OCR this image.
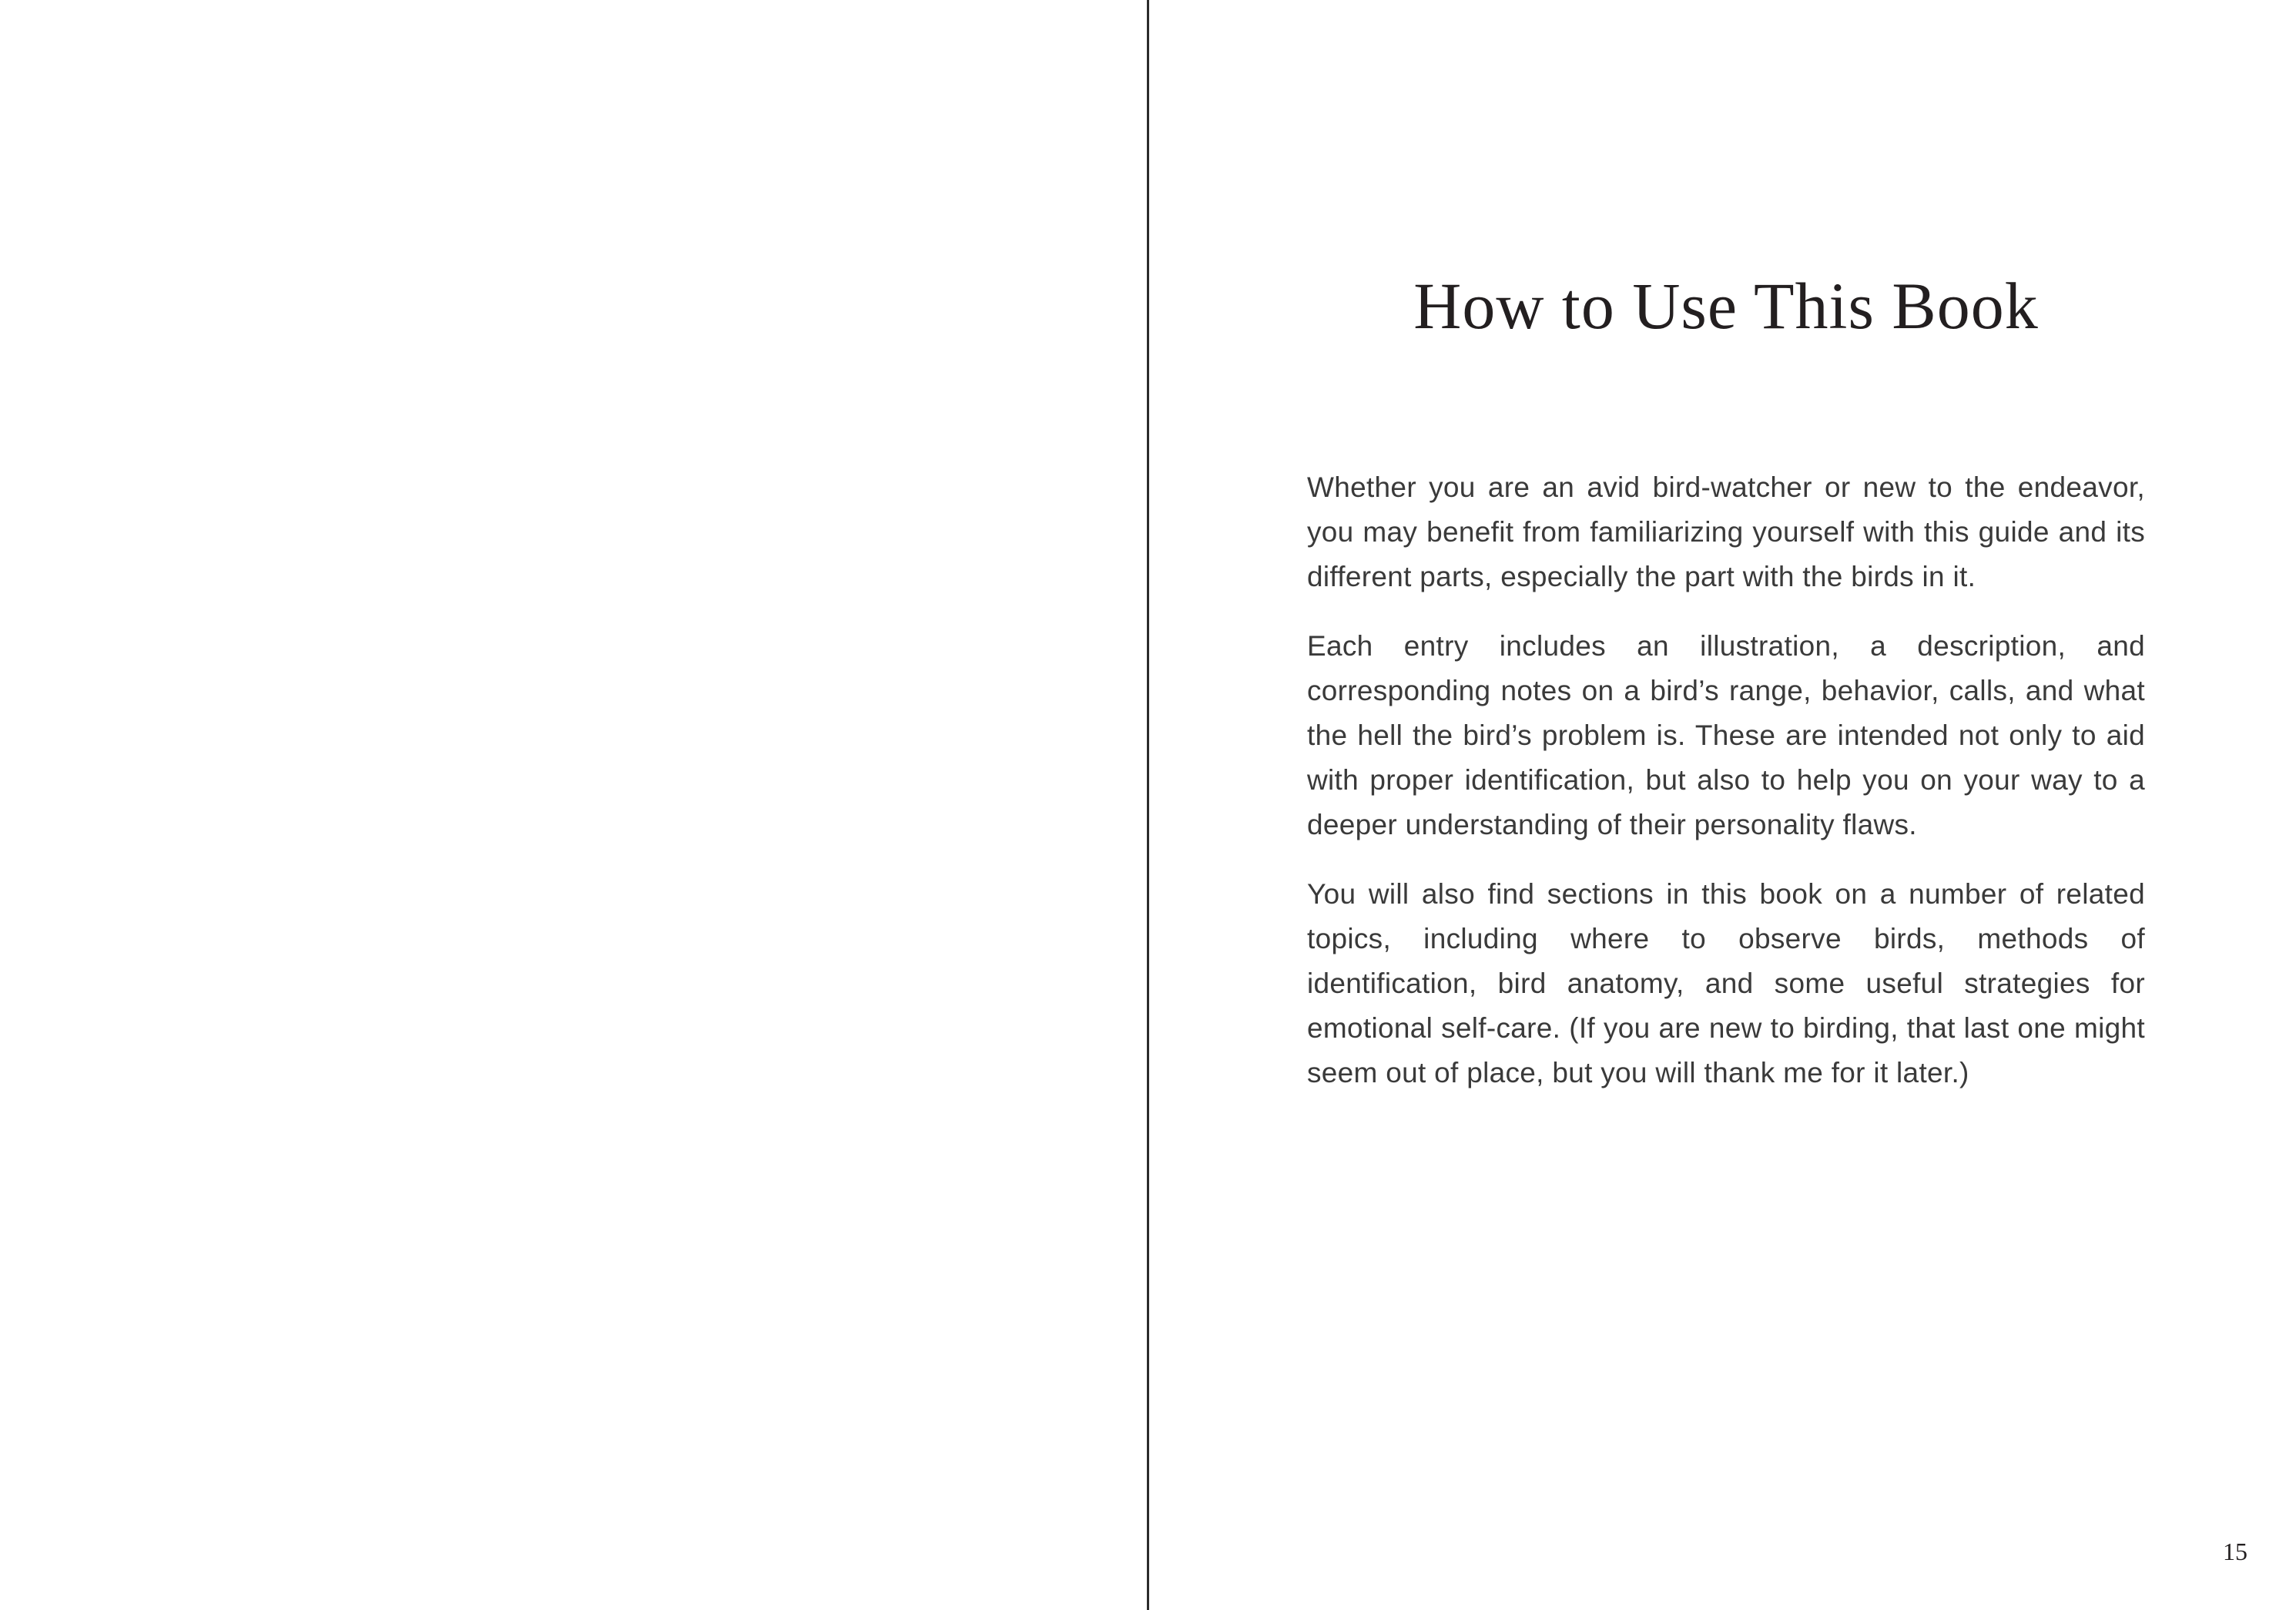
How to Use This Book

Whether you are an avid bird-watcher or new to the endeavor, you may benefit from familiarizing yourself with this guide and its different parts, especially the part with the birds in it.

Each entry includes an illustration, a description, and corresponding notes on a bird’s range, behavior, calls, and what the hell the bird’s problem is. These are intended not only to aid with proper identification, but also to help you on your way to a deeper understanding of their personality flaws.

You will also find sections in this book on a number of related topics, including where to observe birds, methods of identification, bird anatomy, and some useful strategies for emotional self-care. (If you are new to birding, that last one might seem out of place, but you will thank me for it later.)

15
